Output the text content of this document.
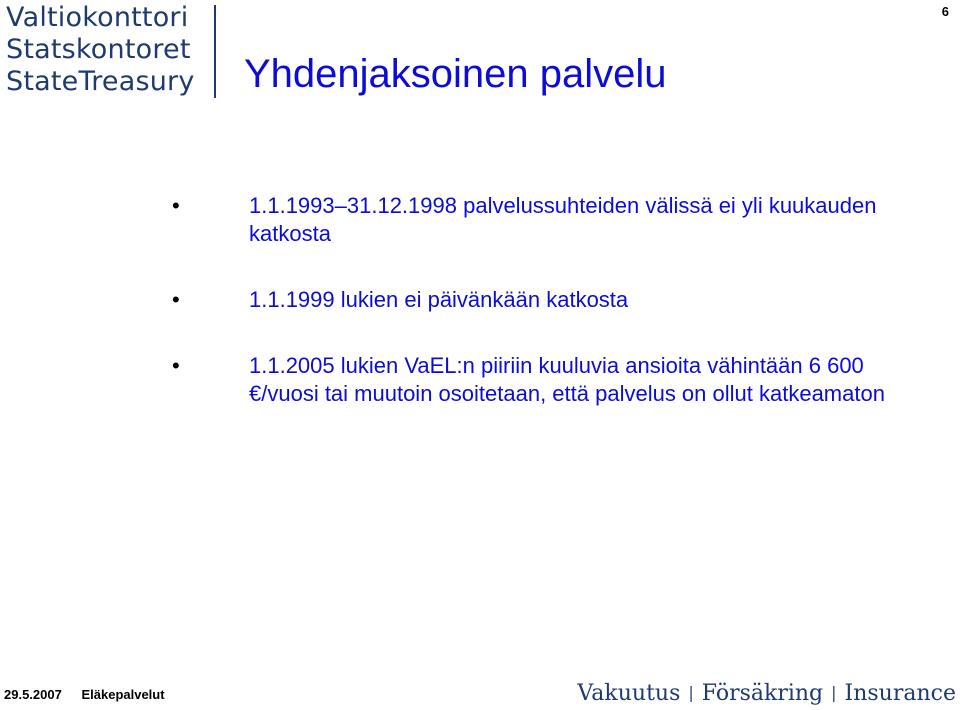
Valtiokonttori
Statskontoret
StateTreasury
6
Yhdenjaksoinen palvelu
•	1.1.1993–31.12.1998 palvelussuhteiden välissä ei yli kuukauden katkosta
•	1.1.1999 lukien ei päivänkään katkosta
•	1.1.2005 lukien VaEL:n piiriin kuuluvia ansioita vähintään 6 600 €/vuosi tai muutoin osoitetaan, että palvelus on ollut katkeamaton
29.5.2007 Eläkepalvelut	Vakuutus | Försäkring | Insurance
